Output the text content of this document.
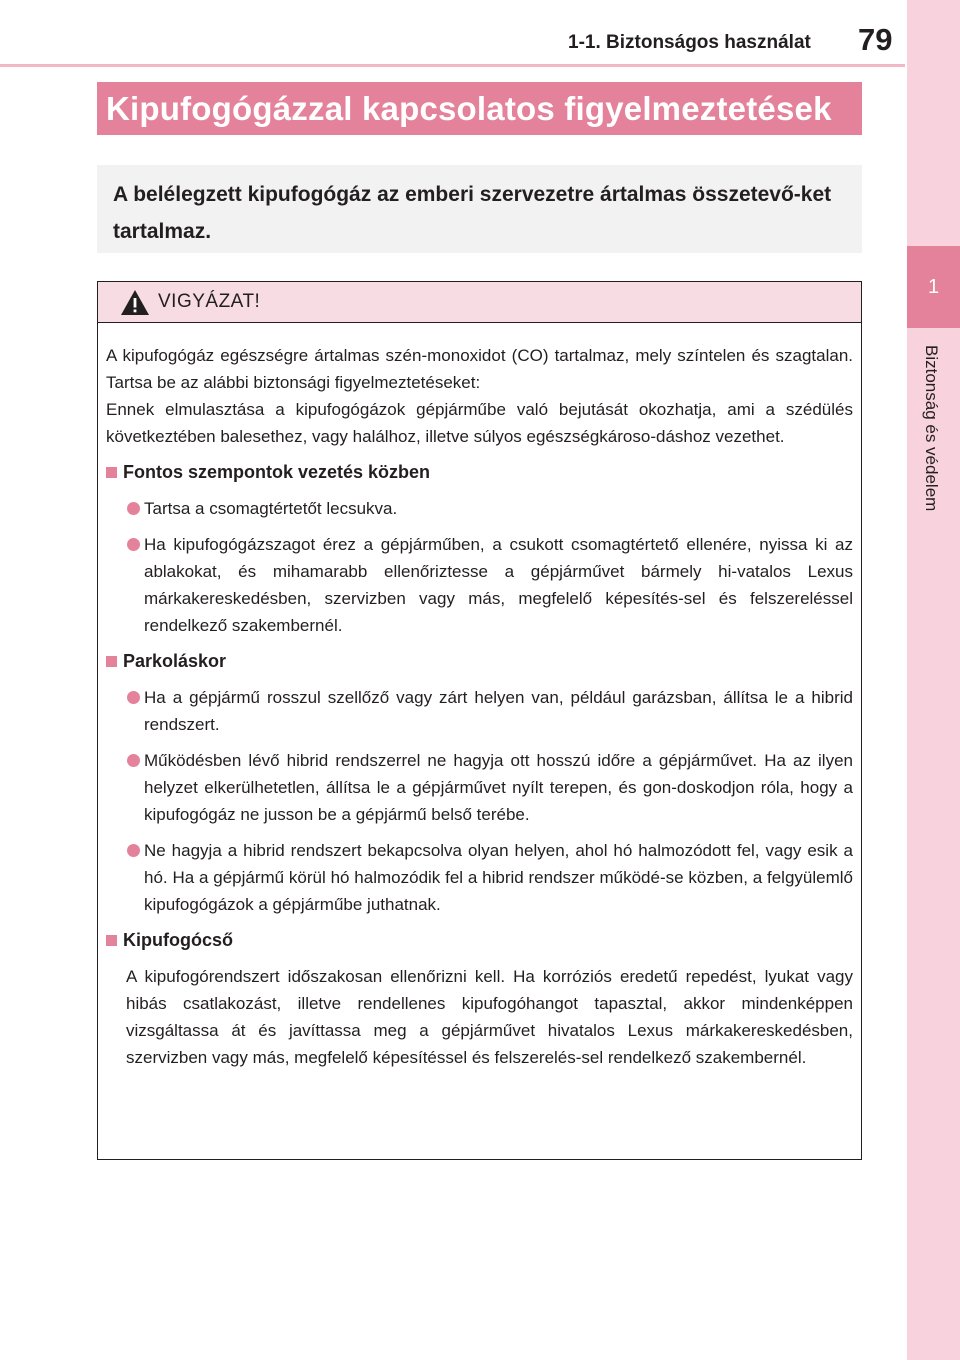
1-1. Biztonságos használat 79
1
Biztonság és védelem
Kipufogógázzal kapcsolatos figyelmeztetések

A belélegzett kipufogógáz az emberi szervezetre ártalmas összetevő-ket tartalmaz.

VIGYÁZAT!

A kipufogógáz egészségre ártalmas szén-monoxidot (CO) tartalmaz, mely színtelen és szagtalan. Tartsa be az alábbi biztonsági figyelmeztetéseket:

Ennek elmulasztása a kipufogógázok gépjárműbe való bejutását okozhatja, ami a szédülés következtében balesethez, vagy halálhoz, illetve súlyos egészségkároso-dáshoz vezethet.

Fontos szempontok vezetés közben
Tartsa a csomagtértetőt lecsukva.
Ha kipufogógázszagot érez a gépjárműben, a csukott csomagtértető ellenére, nyissa ki az ablakokat, és mihamarabb ellenőriztesse a gépjárművet bármely hi-vatalos Lexus márkakereskedésben, szervizben vagy más, megfelelő képesítés-sel és felszereléssel rendelkező szakembernél.
Parkoláskor
Ha a gépjármű rosszul szellőző vagy zárt helyen van, például garázsban, állítsa le a hibrid rendszert.
Működésben lévő hibrid rendszerrel ne hagyja ott hosszú időre a gépjárművet. Ha az ilyen helyzet elkerülhetetlen, állítsa le a gépjárművet nyílt terepen, és gon-doskodjon róla, hogy a kipufogógáz ne jusson be a gépjármű belső terébe.
Ne hagyja a hibrid rendszert bekapcsolva olyan helyen, ahol hó halmozódott fel, vagy esik a hó. Ha a gépjármű körül hó halmozódik fel a hibrid rendszer működé-se közben, a felgyülemlő kipufogógázok a gépjárműbe juthatnak.
Kipufogócső

A kipufogórendszert időszakosan ellenőrizni kell. Ha korróziós eredetű repedést, lyukat vagy hibás csatlakozást, illetve rendellenes kipufogóhangot tapasztal, akkor mindenképpen vizsgáltassa át és javíttassa meg a gépjárművet hivatalos Lexus márkakereskedésben, szervizben vagy más, megfelelő képesítéssel és felszerelés-sel rendelkező szakembernél.
